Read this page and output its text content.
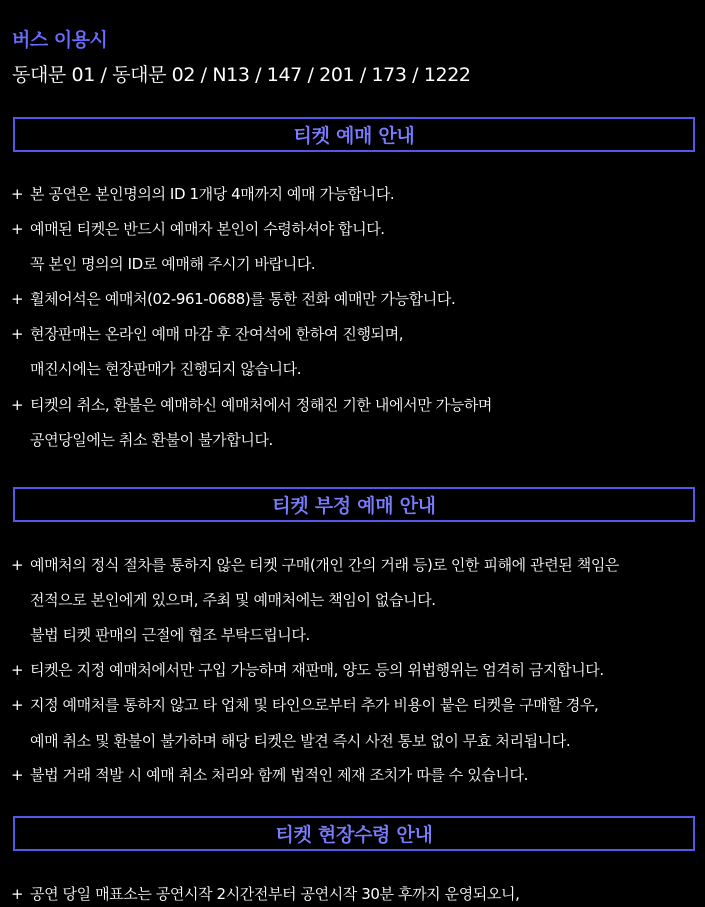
버스 이용시
동대문 01 / 동대문 02 / N13 / 147 / 201 / 173 / 1222
티켓 예매 안내
+ 본 공연은 본인명의의 ID 1개당 4매까지 예매 가능합니다.
+ 예매된 티켓은 반드시 예매자 본인이 수령하셔야 합니다.
꼭 본인 명의의 ID로 예매해 주시기 바랍니다.
+ 휠체어석은 예매처(02-961-0688)를 통한 전화 예매만 가능합니다.
+ 현장판매는 온라인 예매 마감 후 잔여석에 한하여 진행되며,
매진시에는 현장판매가 진행되지 않습니다.
+ 티켓의 취소, 환불은 예매하신 예매처에서 정해진 기한 내에서만 가능하며
공연당일에는 취소 환불이 불가합니다.
티켓 부정 예매 안내
+ 예매처의 정식 절차를 통하지 않은 티켓 구매(개인 간의 거래 등)로 인한 피해에 관련된 책임은
전적으로 본인에게 있으며, 주최 및 예매처에는 책임이 없습니다.
불법 티켓 판매의 근절에 협조 부탁드립니다.
+ 티켓은 지정 예매처에서만 구입 가능하며 재판매, 양도 등의 위법행위는 엄격히 금지합니다.
+ 지정 예매처를 통하지 않고 타 업체 및 타인으로부터 추가 비용이 붙은 티켓을 구매할 경우,
예매 취소 및 환불이 불가하며 해당 티켓은 발견 즉시 사전 통보 없이 무효 처리됩니다.
+ 불법 거래 적발 시 예매 취소 처리와 함께 법적인 제재 조치가 따를 수 있습니다.
티켓 현장수령 안내
+ 공연 당일 매표소는 공연시작 2시간전부터 공연시작 30분 후까지 운영되오니,
